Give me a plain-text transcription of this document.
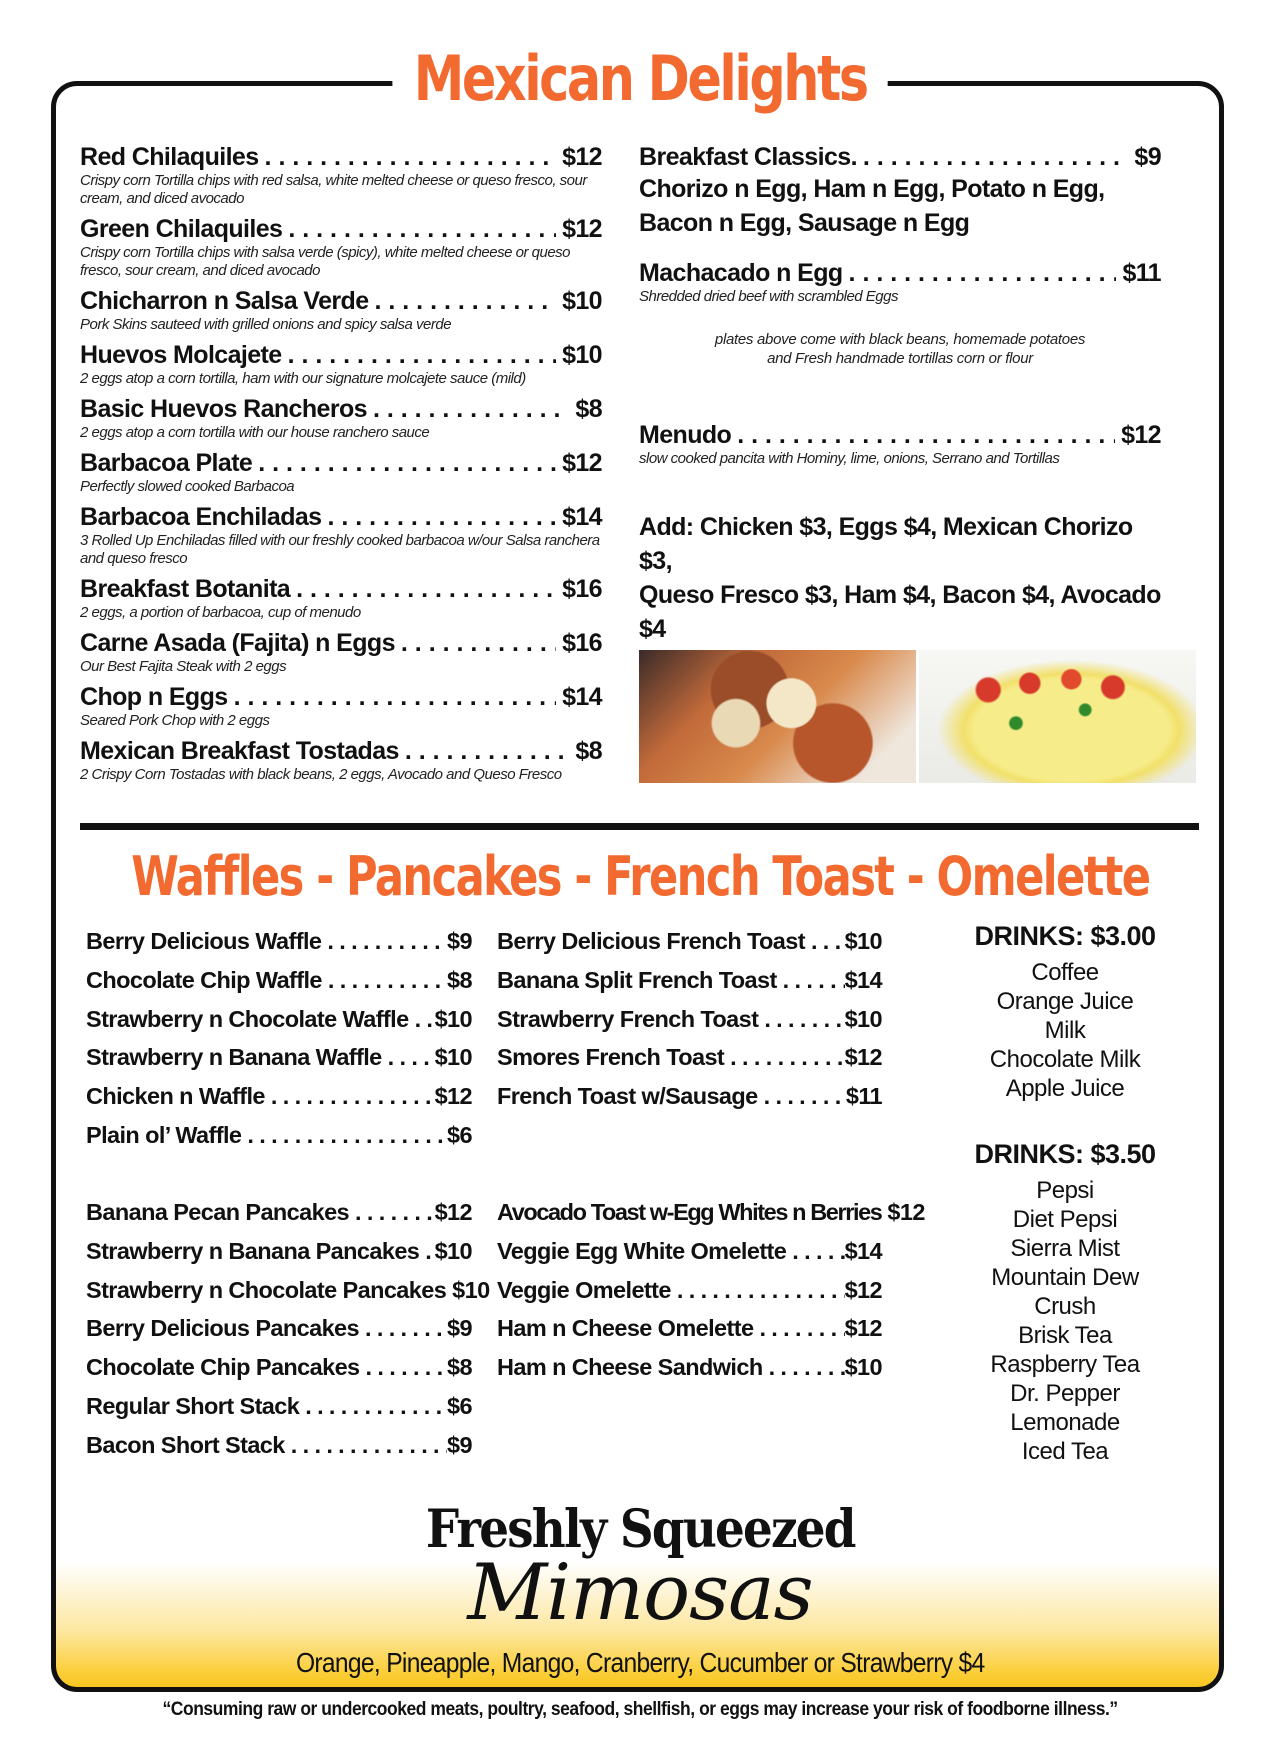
Mexican Delights
Red Chilaquiles . . .	$12
Crispy corn Tortilla chips with red salsa, white melted cheese or queso fresco, sour cream, and diced avocado
Green Chilaquiles . . .	$12
Crispy corn Tortilla chips with salsa verde (spicy), white melted cheese or queso fresco, sour cream, and diced avocado
Chicharron n Salsa Verde . . .	$10
Pork Skins sauteed with grilled onions and spicy salsa verde
Huevos Molcajete . . .	$10
2 eggs atop a corn tortilla, ham with our signature molcajete sauce (mild)
Basic Huevos Rancheros . . .	$8
2 eggs atop a corn tortilla with our house ranchero sauce
Barbacoa Plate . . .	$12
Perfectly slowed cooked Barbacoa
Barbacoa Enchiladas . . .	$14
3 Rolled Up Enchiladas filled with our freshly cooked barbacoa w/our Salsa ranchera and queso fresco
Breakfast Botanita . . .	$16
2 eggs, a portion of barbacoa, cup of menudo
Carne Asada (Fajita) n Eggs . . .	$16
Our Best Fajita Steak with 2 eggs
Chop n Eggs . . .	$14
Seared Pork Chop with 2 eggs
Mexican Breakfast Tostadas . . .	$8
2 Crispy Corn Tostadas with black beans, 2 eggs, Avocado and Queso Fresco
Breakfast Classics. . . .	$9
Chorizo n Egg, Ham n Egg, Potato n Egg,
Bacon n Egg, Sausage n Egg
Machacado n Egg . . .	$11
Shredded dried beef with scrambled Eggs
plates above come with black beans, homemade potatoes
and Fresh handmade tortillas corn or flour
Menudo . . .	$12
slow cooked pancita with Hominy, lime, onions, Serrano and Tortillas
Add: Chicken $3, Eggs $4, Mexican Chorizo $3,
Queso Fresco $3, Ham $4, Bacon $4, Avocado $4
Waffles - Pancakes - French Toast - Omelette
Berry Delicious Waffle . . .	$9
Chocolate Chip Waffle . . .	$8
Strawberry n Chocolate Waffle . . . $10
Strawberry n Banana Waffle . . . $10
Chicken n Waffle . . .	$12
Plain ol’ Waffle . . .	$6
Berry Delicious French Toast . . . $10
Banana Split French Toast . . .	$14
Strawberry French Toast . . .	$10
Smores French Toast . . .	$12
French Toast w/Sausage . . .	$11
Banana Pecan Pancakes . . .	$12
Strawberry n Banana Pancakes . . . $10
Strawberry n Chocolate Pancakes $10
Berry Delicious Pancakes . . .	$9
Chocolate Chip Pancakes . . .	$8
Regular Short Stack . . .	$6
Bacon Short Stack . . .	$9
Avocado Toast w-Egg Whites n Berries $12
Veggie Egg White Omelette . . . $14
Veggie Omelette . . .	$12
Ham n Cheese Omelette . . .	$12
Ham n Cheese Sandwich . . .	$10
DRINKS: $3.00
Coffee
Orange Juice
Milk
Chocolate Milk
Apple Juice
DRINKS: $3.50
Pepsi
Diet Pepsi
Sierra Mist
Mountain Dew
Crush
Brisk Tea
Raspberry Tea
Dr. Pepper
Lemonade
Iced Tea
Freshly Squeezed
Mimosas
Orange, Pineapple, Mango, Cranberry, Cucumber or Strawberry $4
“Consuming raw or undercooked meats, poultry, seafood, shellfish, or eggs may increase your risk of foodborne illness.”
